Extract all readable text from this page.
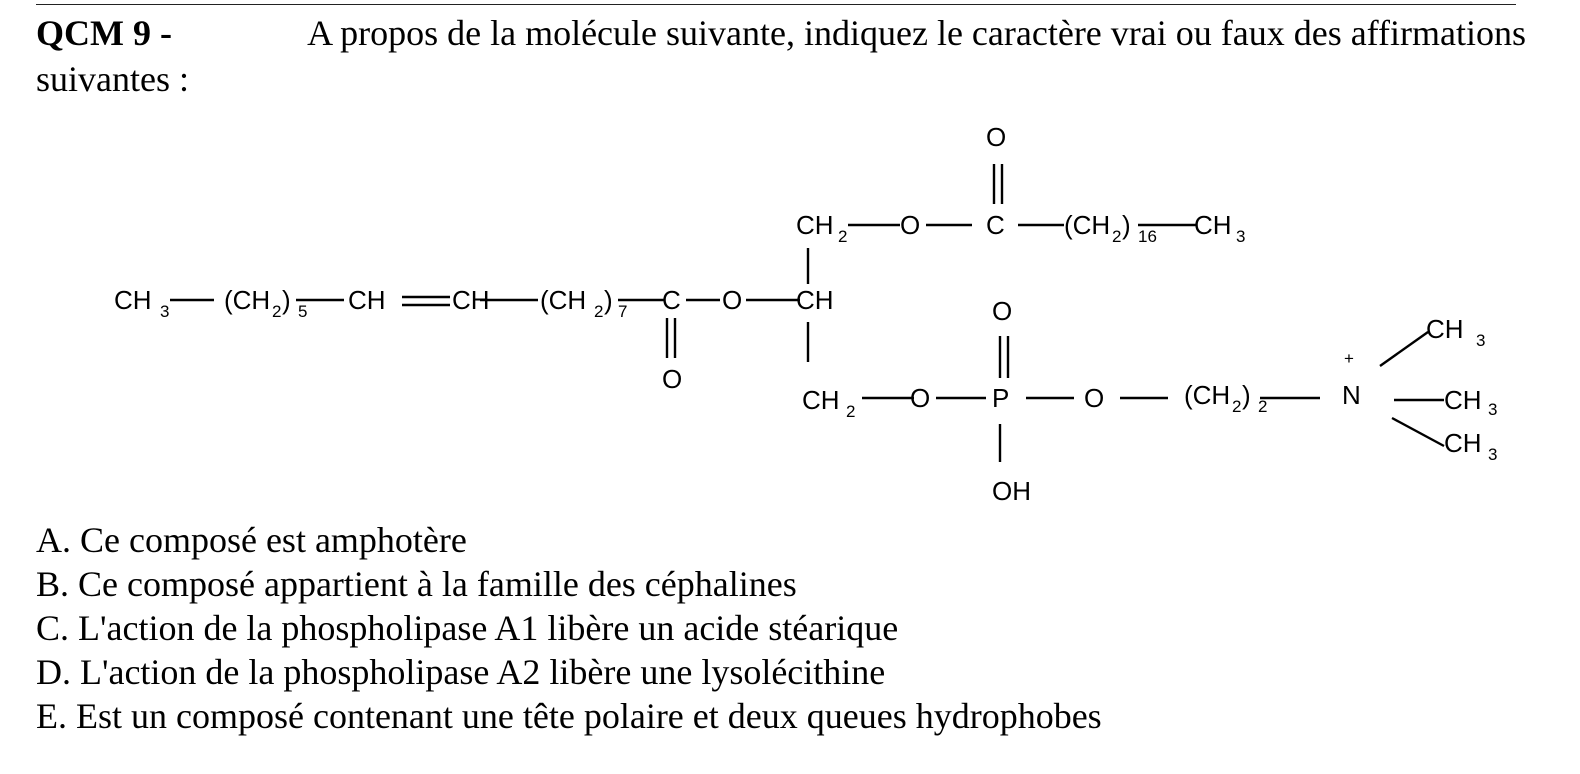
QCM 9 -	A propos de la molécule suivante, indiquez le caractère vrai ou faux des affirmations
suivantes :
CH 3 (CH 2 ) 5 CH	CH (CH 2 ) 7 C
O
O
CH 2
CH
CH 2
O	C
O
(CH 2 ) 16 CH 3
O P
O
OH
O	(CH 2 ) 2	N
+
CH 3
CH 3
CH 3
A. Ce composé est amphotère
B. Ce composé appartient à la famille des céphalines
C. L'action de la phospholipase A1 libère un acide stéarique
D. L'action de la phospholipase A2 libère une lysolécithine
E. Est un composé contenant une tête polaire et deux queues hydrophobes
